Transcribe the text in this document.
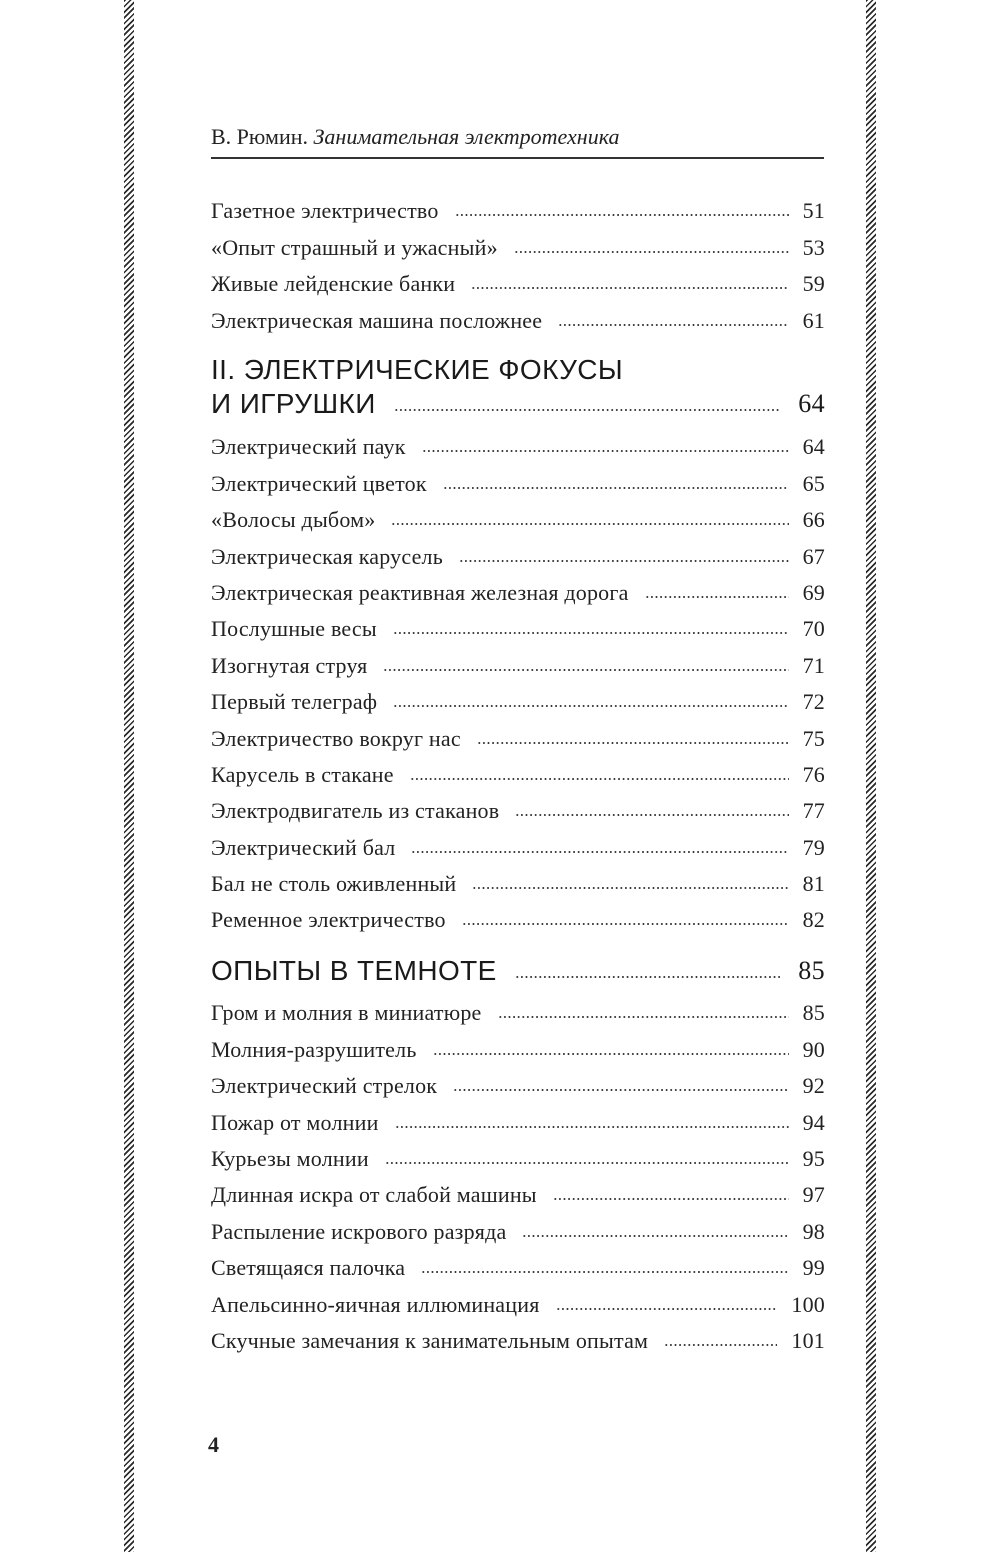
В. Рюмин. Занимательная электротехника
Газетное электричество	51
«Опыт страшный и ужасный»	53
Живые лейденские банки	59
Электрическая машина посложнее	61
II. ЭЛЕКТРИЧЕСКИЕ ФОКУСЫ
И ИГРУШКИ	64
Электрический паук	64
Электрический цветок	65
«Волосы дыбом»	66
Электрическая карусель	67
Электрическая реактивная железная дорога	69
Послушные весы	70
Изогнутая струя	71
Первый телеграф	72
Электричество вокруг нас	75
Карусель в стакане	76
Электродвигатель из стаканов	77
Электрический бал	79
Бал не столь оживленный	81
Ременное электричество	82
ОПЫТЫ В ТЕМНОТЕ	85
Гром и молния в миниатюре	85
Молния-разрушитель	90
Электрический стрелок	92
Пожар от молнии	94
Курьезы молнии	95
Длинная искра от слабой машины	97
Распыление искрового разряда	98
Светящаяся палочка	99
Апельсинно-яичная иллюминация	100
Скучные замечания к занимательным опытам	101
4
